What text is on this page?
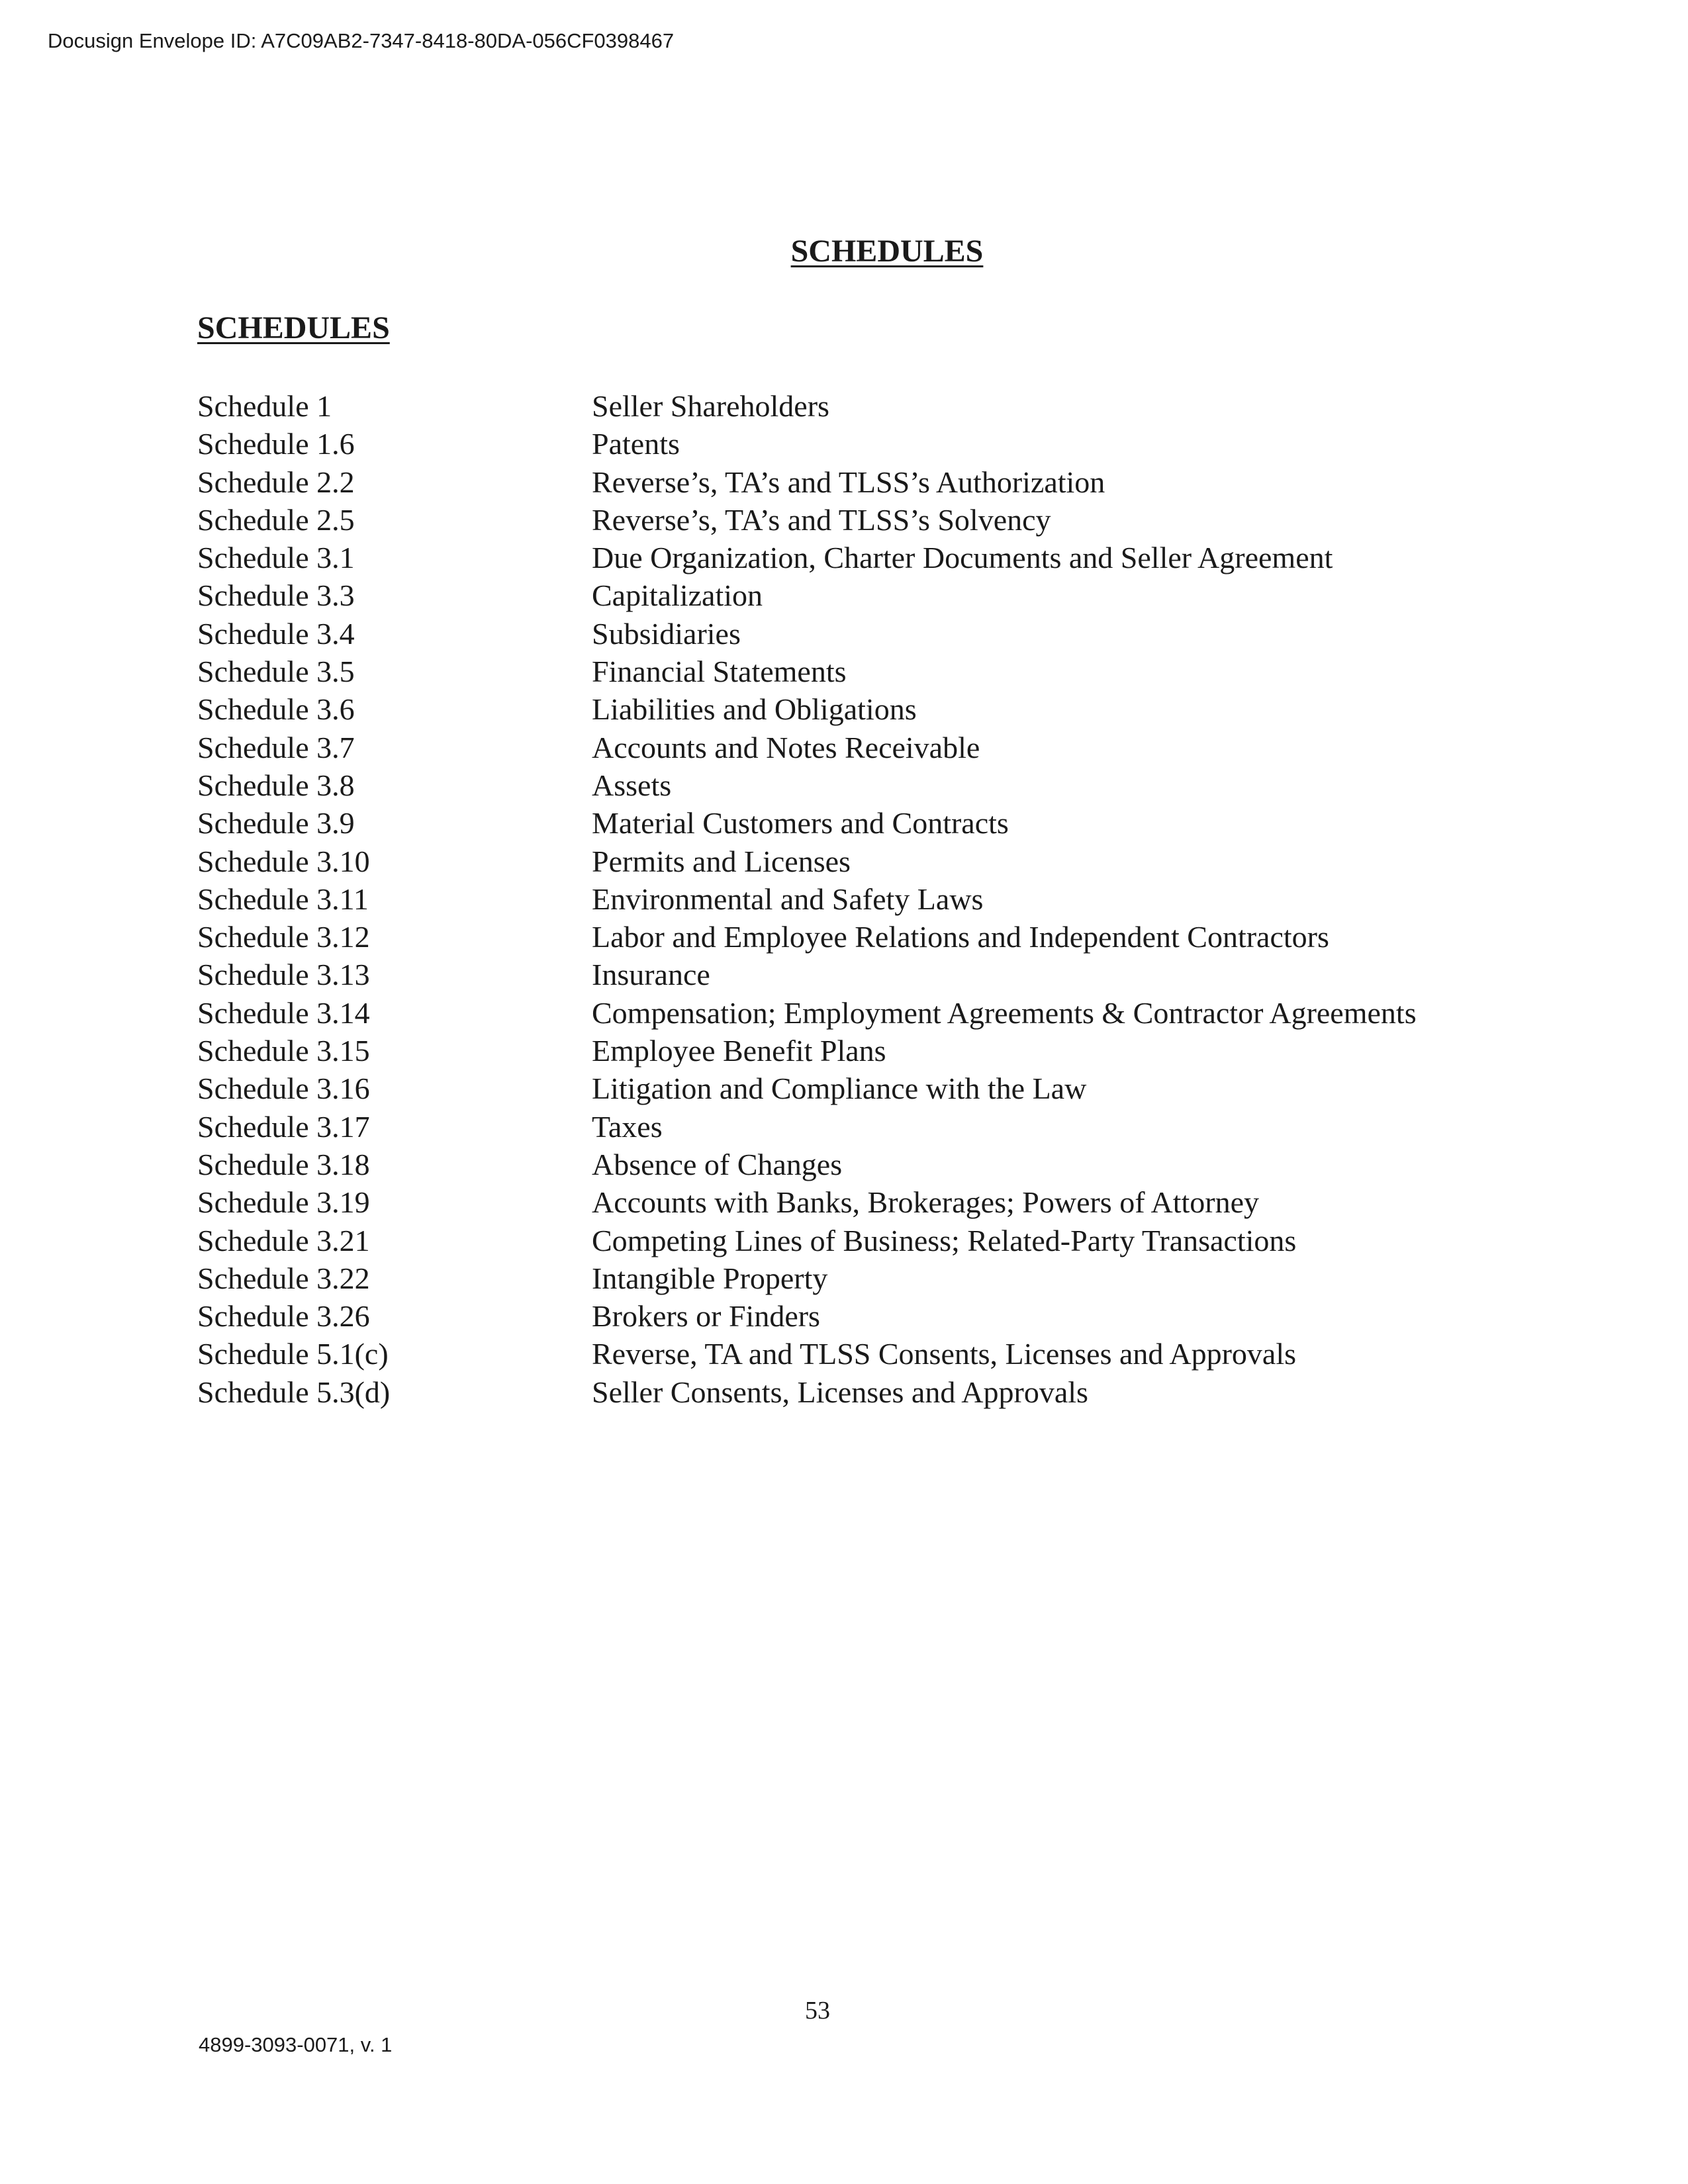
Docusign Envelope ID: A7C09AB2-7347-8418-80DA-056CF0398467
SCHEDULES
SCHEDULES
Schedule 1	Seller Shareholders
Schedule 1.6	Patents
Schedule 2.2	Reverse’s, TA’s and TLSS’s Authorization
Schedule 2.5	Reverse’s, TA’s and TLSS’s Solvency
Schedule 3.1	Due Organization, Charter Documents and Seller Agreement
Schedule 3.3	Capitalization
Schedule 3.4	Subsidiaries
Schedule 3.5	Financial Statements
Schedule 3.6	Liabilities and Obligations
Schedule 3.7	Accounts and Notes Receivable
Schedule 3.8	Assets
Schedule 3.9	Material Customers and Contracts
Schedule 3.10	Permits and Licenses
Schedule 3.11	Environmental and Safety Laws
Schedule 3.12	Labor and Employee Relations and Independent Contractors
Schedule 3.13	Insurance
Schedule 3.14	Compensation; Employment Agreements & Contractor Agreements
Schedule 3.15	Employee Benefit Plans
Schedule 3.16	Litigation and Compliance with the Law
Schedule 3.17	Taxes
Schedule 3.18	Absence of Changes
Schedule 3.19	Accounts with Banks, Brokerages; Powers of Attorney
Schedule 3.21	Competing Lines of Business; Related-Party Transactions
Schedule 3.22	Intangible Property
Schedule 3.26	Brokers or Finders
Schedule 5.1(c)	Reverse, TA and TLSS Consents, Licenses and Approvals
Schedule 5.3(d)	Seller Consents, Licenses and Approvals
53
4899-3093-0071, v. 1
